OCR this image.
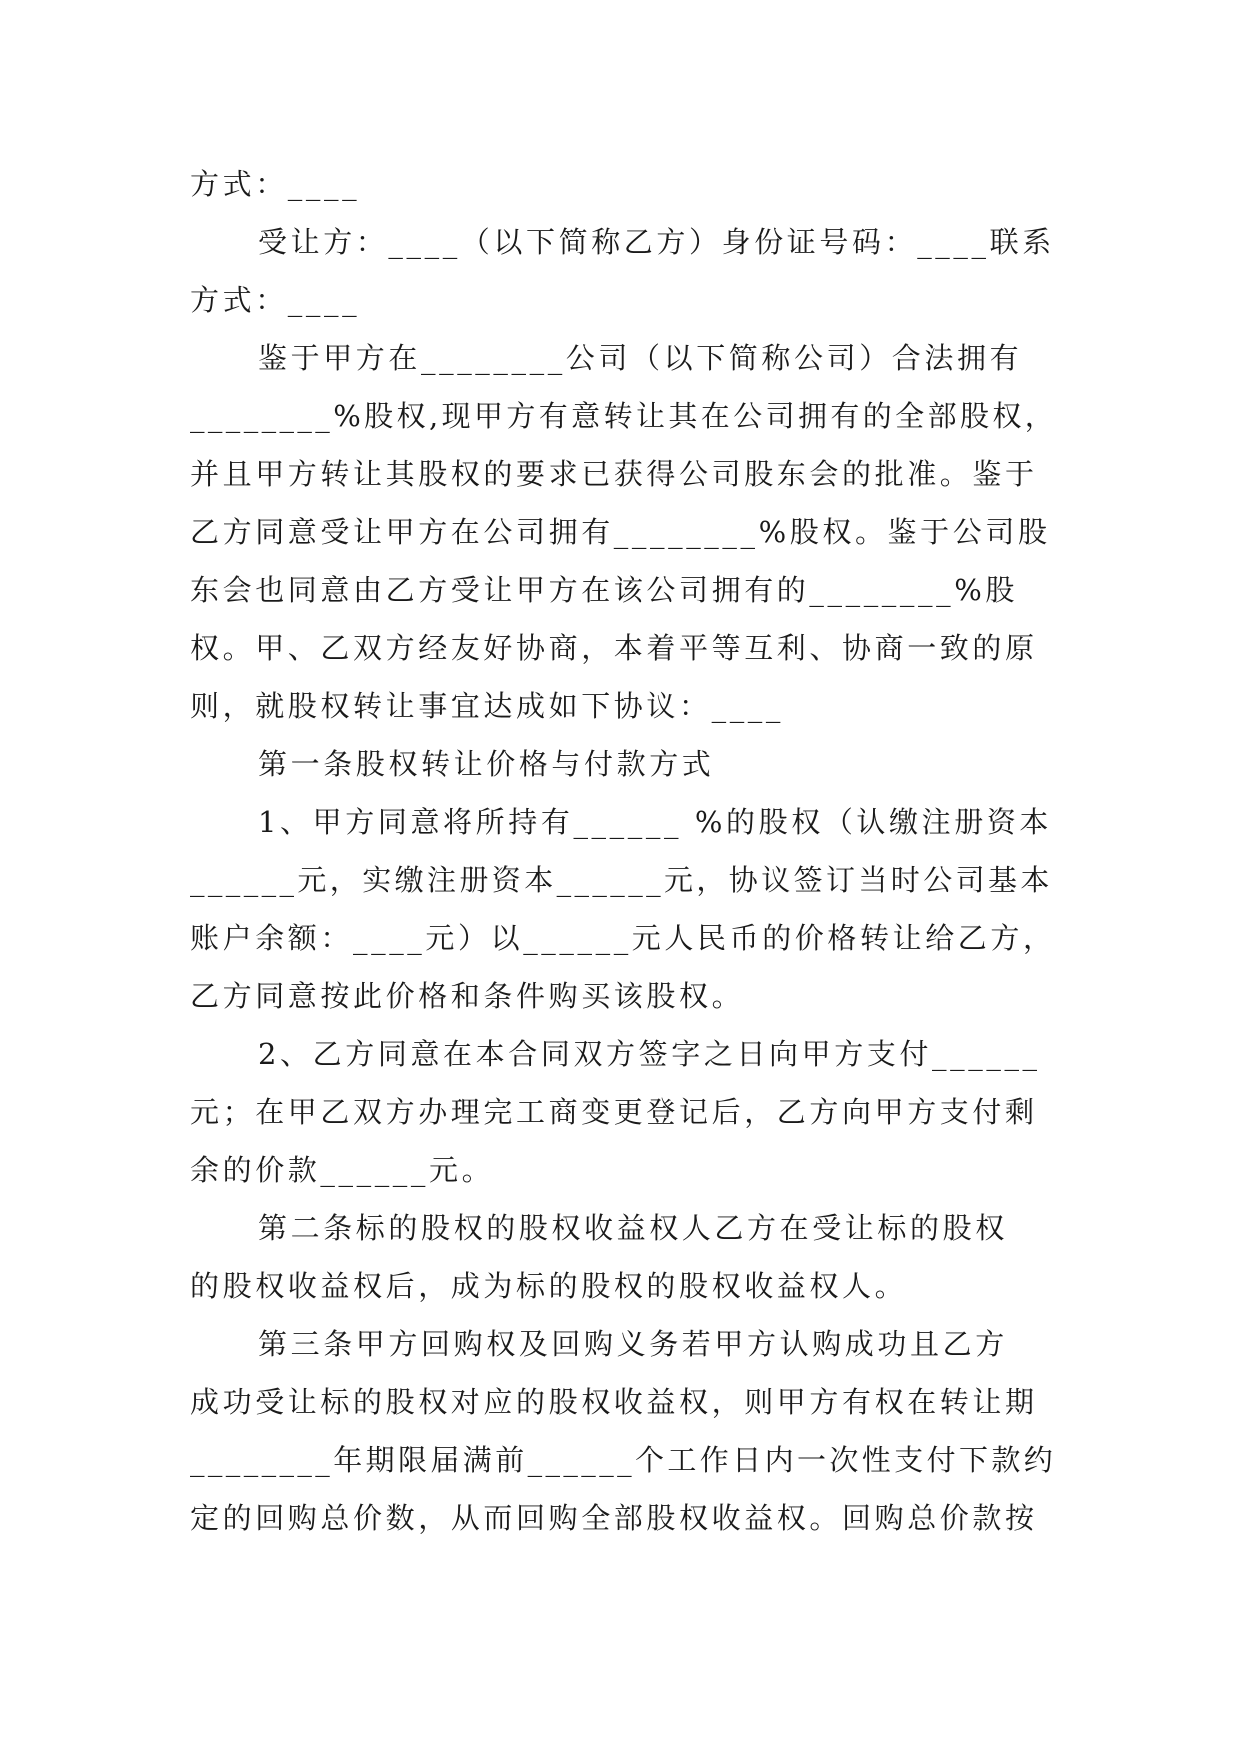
方式：____
受让方：____（以下简称乙方）身份证号码：____联系
方式：____
鉴于甲方在________公司（以下简称公司）合法拥有
________%股权,现甲方有意转让其在公司拥有的全部股权，
并且甲方转让其股权的要求已获得公司股东会的批准。鉴于
乙方同意受让甲方在公司拥有________%股权。鉴于公司股
东会也同意由乙方受让甲方在该公司拥有的________%股
权。甲、乙双方经友好协商，本着平等互利、协商一致的原
则，就股权转让事宜达成如下协议：____
第一条股权转让价格与付款方式
1、甲方同意将所持有______ %的股权（认缴注册资本
______元，实缴注册资本______元，协议签订当时公司基本
账户余额：____元）以______元人民币的价格转让给乙方，
乙方同意按此价格和条件购买该股权。
2、乙方同意在本合同双方签字之日向甲方支付______
元；在甲乙双方办理完工商变更登记后，乙方向甲方支付剩
余的价款______元。
第二条标的股权的股权收益权人乙方在受让标的股权
的股权收益权后，成为标的股权的股权收益权人。
第三条甲方回购权及回购义务若甲方认购成功且乙方
成功受让标的股权对应的股权收益权，则甲方有权在转让期
________年期限届满前______个工作日内一次性支付下款约
定的回购总价数，从而回购全部股权收益权。回购总价款按
